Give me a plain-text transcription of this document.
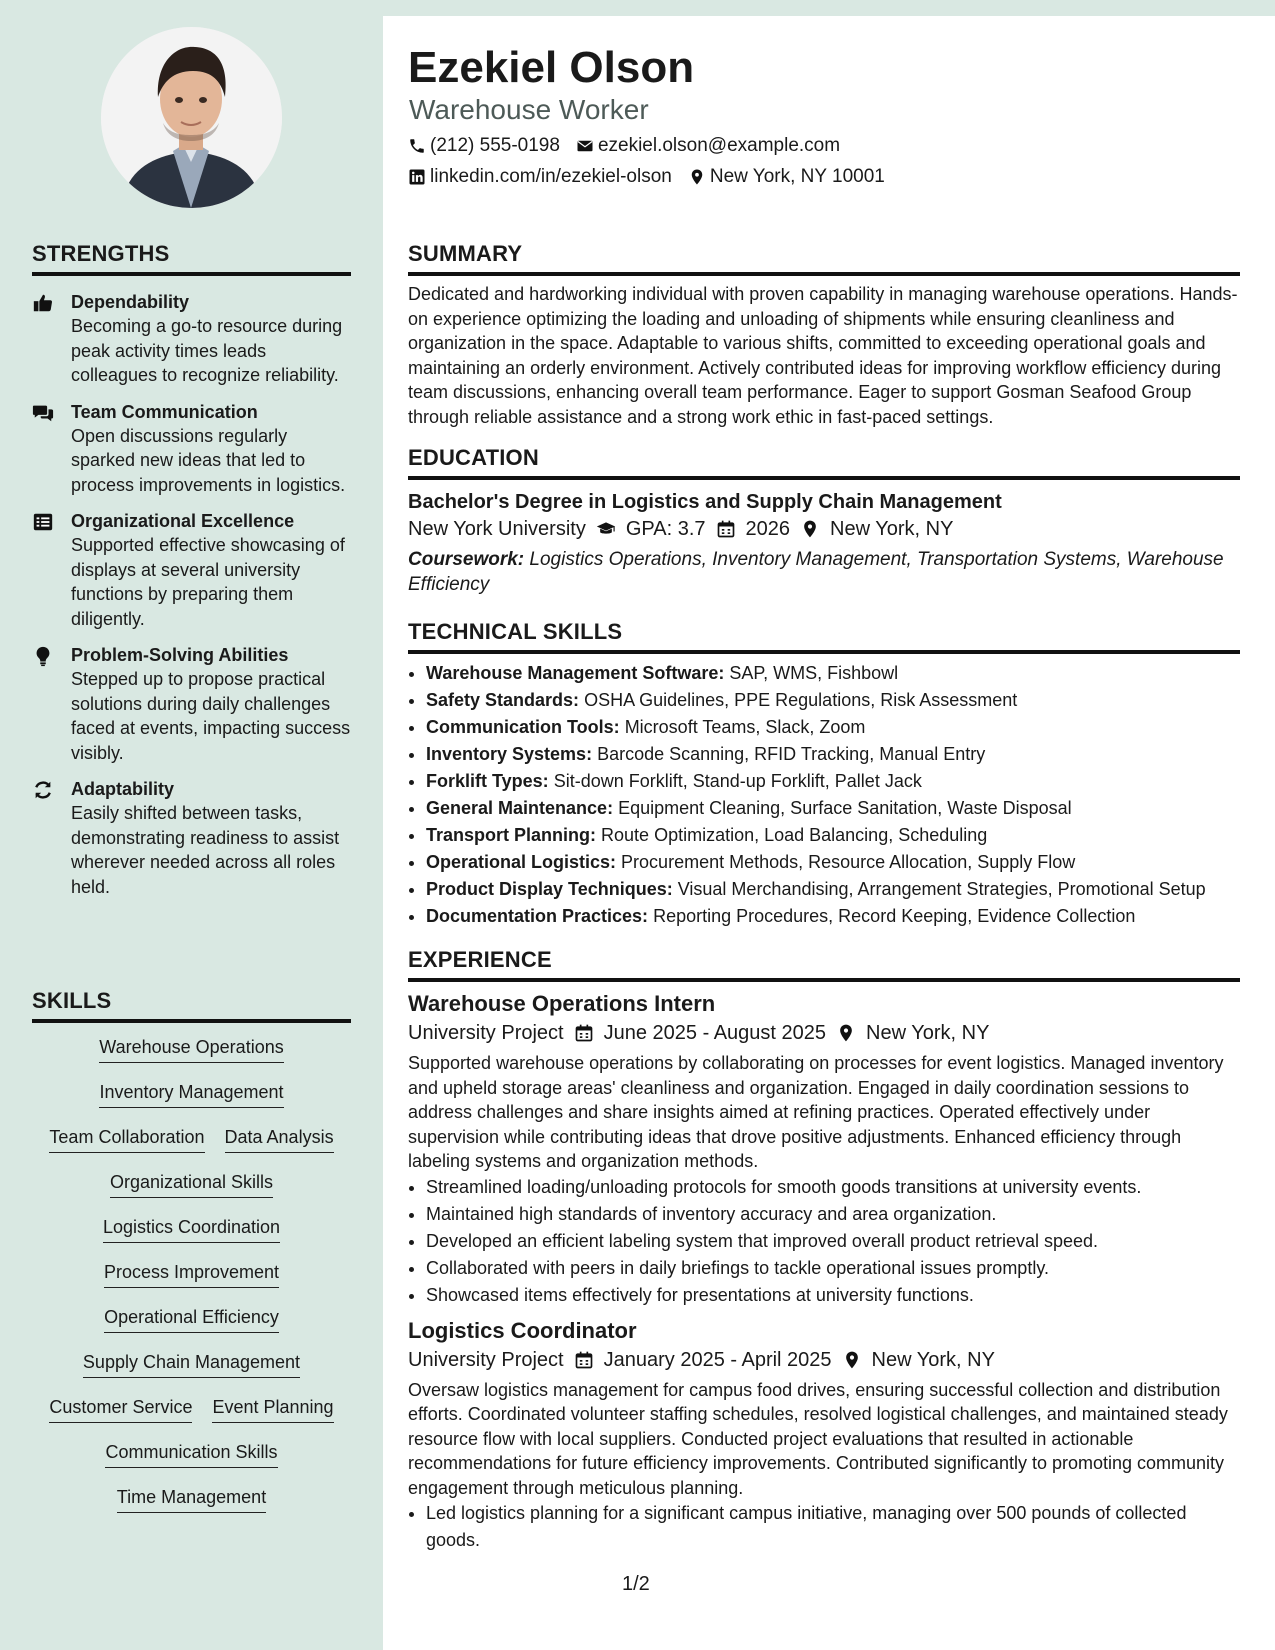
Ezekiel Olson
Warehouse Worker
(212) 555-0198 ezekiel.olson@example.com
linkedin.com/in/ezekiel-olson New York, NY 10001
STRENGTHS
Dependability
Becoming a go-to resource during peak activity times leads colleagues to recognize reliability.
Team Communication
Open discussions regularly sparked new ideas that led to process improvements in logistics.
Organizational Excellence
Supported effective showcasing of displays at several university functions by preparing them diligently.
Problem-Solving Abilities
Stepped up to propose practical solutions during daily challenges faced at events, impacting success visibly.
Adaptability
Easily shifted between tasks, demonstrating readiness to assist wherever needed across all roles held.
SKILLS
Warehouse Operations
Inventory Management
Team Collaboration Data Analysis
Organizational Skills
Logistics Coordination
Process Improvement
Operational Efficiency
Supply Chain Management
Customer Service Event Planning
Communication Skills
Time Management
SUMMARY

Dedicated and hardworking individual with proven capability in managing warehouse operations. Hands-on experience optimizing the loading and unloading of shipments while ensuring cleanliness and organization in the space. Adaptable to various shifts, committed to exceeding operational goals and maintaining an orderly environment. Actively contributed ideas for improving workflow efficiency during team discussions, enhancing overall team performance. Eager to support Gosman Seafood Group through reliable assistance and a strong work ethic in fast-paced settings.

EDUCATION
Bachelor's Degree in Logistics and Supply Chain Management
New York University GPA: 3.7 2026 New York, NY
Coursework: Logistics Operations, Inventory Management, Transportation Systems, Warehouse Efficiency
TECHNICAL SKILLS
• Warehouse Management Software: SAP, WMS, Fishbowl
• Safety Standards: OSHA Guidelines, PPE Regulations, Risk Assessment
• Communication Tools: Microsoft Teams, Slack, Zoom
• Inventory Systems: Barcode Scanning, RFID Tracking, Manual Entry
• Forklift Types: Sit-down Forklift, Stand-up Forklift, Pallet Jack
• General Maintenance: Equipment Cleaning, Surface Sanitation, Waste Disposal
• Transport Planning: Route Optimization, Load Balancing, Scheduling
• Operational Logistics: Procurement Methods, Resource Allocation, Supply Flow
• Product Display Techniques: Visual Merchandising, Arrangement Strategies, Promotional Setup
• Documentation Practices: Reporting Procedures, Record Keeping, Evidence Collection
EXPERIENCE
Warehouse Operations Intern
University Project June 2025 - August 2025 New York, NY

Supported warehouse operations by collaborating on processes for event logistics. Managed inventory and upheld storage areas' cleanliness and organization. Engaged in daily coordination sessions to address challenges and share insights aimed at refining practices. Operated effectively under supervision while contributing ideas that drove positive adjustments. Enhanced efficiency through labeling systems and organization methods.

• Streamlined loading/unloading protocols for smooth goods transitions at university events.
• Maintained high standards of inventory accuracy and area organization.
• Developed an efficient labeling system that improved overall product retrieval speed.
• Collaborated with peers in daily briefings to tackle operational issues promptly.
• Showcased items effectively for presentations at university functions.
Logistics Coordinator
University Project January 2025 - April 2025 New York, NY

Oversaw logistics management for campus food drives, ensuring successful collection and distribution efforts. Coordinated volunteer staffing schedules, resolved logistical challenges, and maintained steady resource flow with local suppliers. Conducted project evaluations that resulted in actionable recommendations for future efficiency improvements. Contributed significantly to promoting community engagement through meticulous planning.

• Led logistics planning for a significant campus initiative, managing over 500 pounds of collected goods.
1/2
